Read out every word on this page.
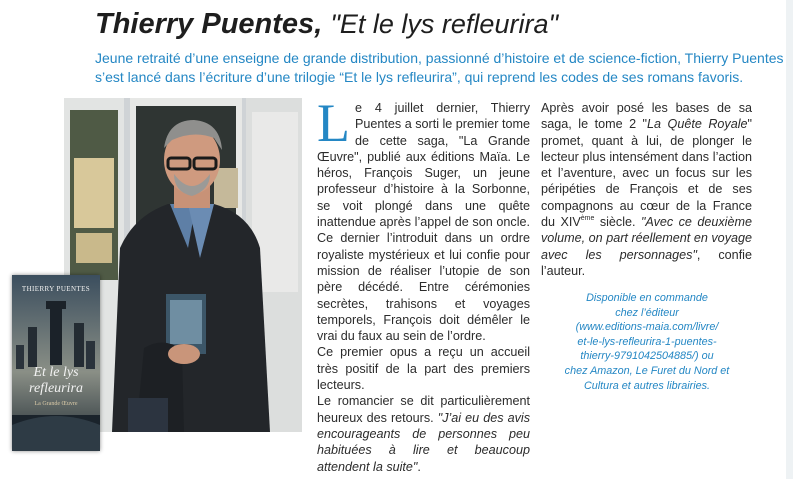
Thierry Puentes, "Et le lys refleurira"

Jeune retraité d’une enseigne de grande distribution, passionné d’histoire et de science-fiction, Thierry Puentes s’est lancé dans l’écriture d’une trilogie “Et le lys refleurira”, qui reprend les codes de ses romans favoris.

THIERRY PUENTES
Et le lys
refleurira
La Grande Œuvre

Le 4 juillet dernier, Thierry Puentes a sorti le premier tome de cette saga, "La Grande Œuvre", publié aux éditions Maïa. Le héros, François Suger, un jeune professeur d’histoire à la Sorbonne, se voit plongé dans une quête inattendue après l’appel de son oncle. Ce dernier l’introduit dans un ordre royaliste mystérieux et lui confie pour mission de réaliser l’utopie de son père décédé. Entre cérémonies secrètes, trahisons et voyages temporels, François doit démêler le vrai du faux au sein de l’ordre.

Ce premier opus a reçu un accueil très positif de la part des premiers lecteurs.

Le romancier se dit particulièrement heureux des retours. "J’ai eu des avis encourageants de personnes peu habituées à lire et beaucoup attendent la suite".

Après avoir posé les bases de sa saga, le tome 2 "La Quête Royale" promet, quant à lui, de plonger le lecteur plus intensément dans l’action et l’aventure, avec un focus sur les péripéties de François et de ses compagnons au cœur de la France du XIVème siècle. "Avec ce deuxième volume, on part réellement en voyage avec les personnages", confie l’auteur.

Disponible en commande
chez l’éditeur
(www.editions-maia.com/livre/
et-le-lys-refleurira-1-puentes-
thierry-9791042504885/) ou
chez Amazon, Le Furet du Nord et
Cultura et autres librairies.
